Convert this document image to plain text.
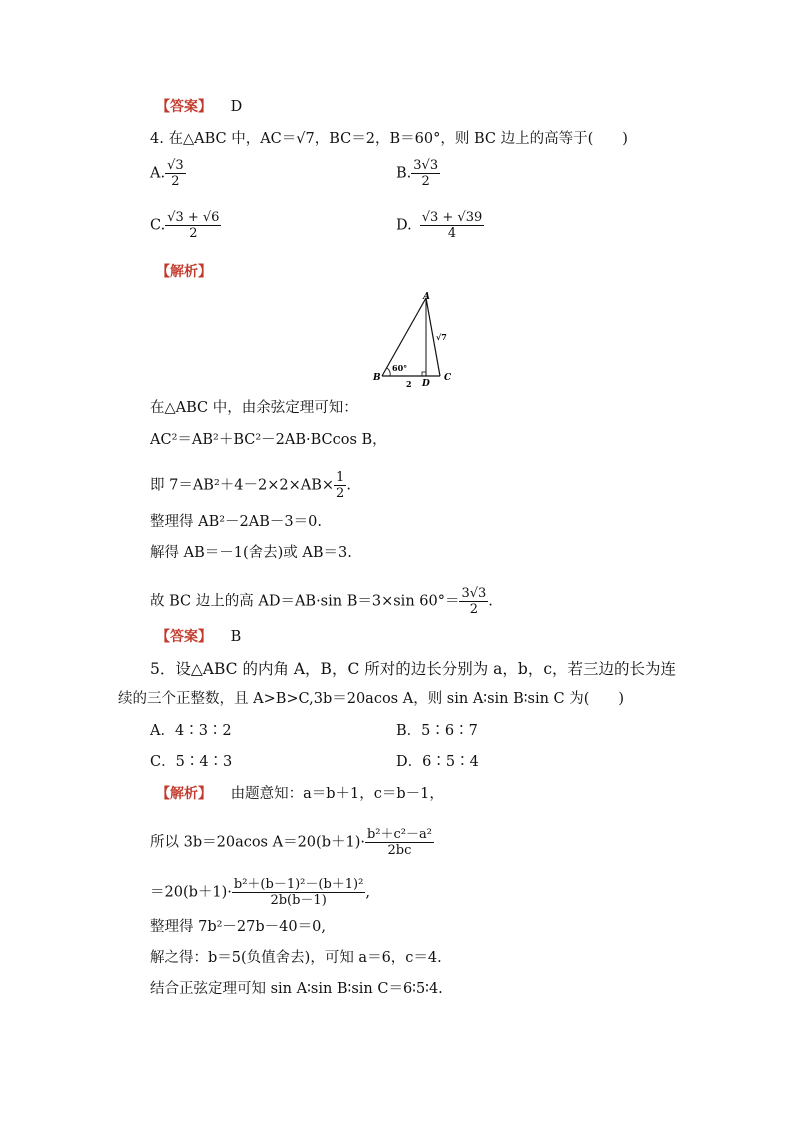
【答案】 D
4. 在△ABC 中，AC＝√7，BC＝2，B＝60°，则 BC 边上的高等于(　　)
A. $\frac{√3}{2}$	B. $\frac{3√3}{2}$
C. $\frac{√3 + √6}{2}$	D. $\frac{√3 + √39}{4}$
【解析】
A
B	C
D
60°
2
√7
在△ABC 中，由余弦定理可知：
AC²＝AB²＋BC²－2AB·BCcos B，
即 $7=AB^2+4-2\times 2\times AB\times \frac{1}{2}$ .
整理得 AB²－2AB－3＝0.
解得 AB＝－1(舍去)或 AB＝3.
故 BC 边上的高 AD＝AB·sin B＝3×sin $60^\circ= \frac{3√3}{2}$ .
【答案】 B
5．设△ABC 的内角 A，B，C 所对的边长分别为 a，b，c，若三边的长为连
续的三个正整数，且 A>B>C,3b＝20acos A，则 sin A∶sin B∶sin C 为(　　)
A．4∶3∶2	B．5∶6∶7
C．5∶4∶3	D．6∶5∶4
【解析】 由题意知：a＝b＋1，c＝b－1，
所以 3b＝20acos $A=20(b+1)\cdot \frac{\text{b²＋c²－a²}}{2bc}$
$=20(b+1)\cdot \frac{\text{b²＋(b－1)²－(b＋1)²}}{2b(b-1)}$ ,
整理得 7b²－27b－40＝0,
解之得：b＝5(负值舍去)，可知 a＝6，c＝4.
结合正弦定理可知 sin A∶sin B∶sin C＝6∶5∶4.
